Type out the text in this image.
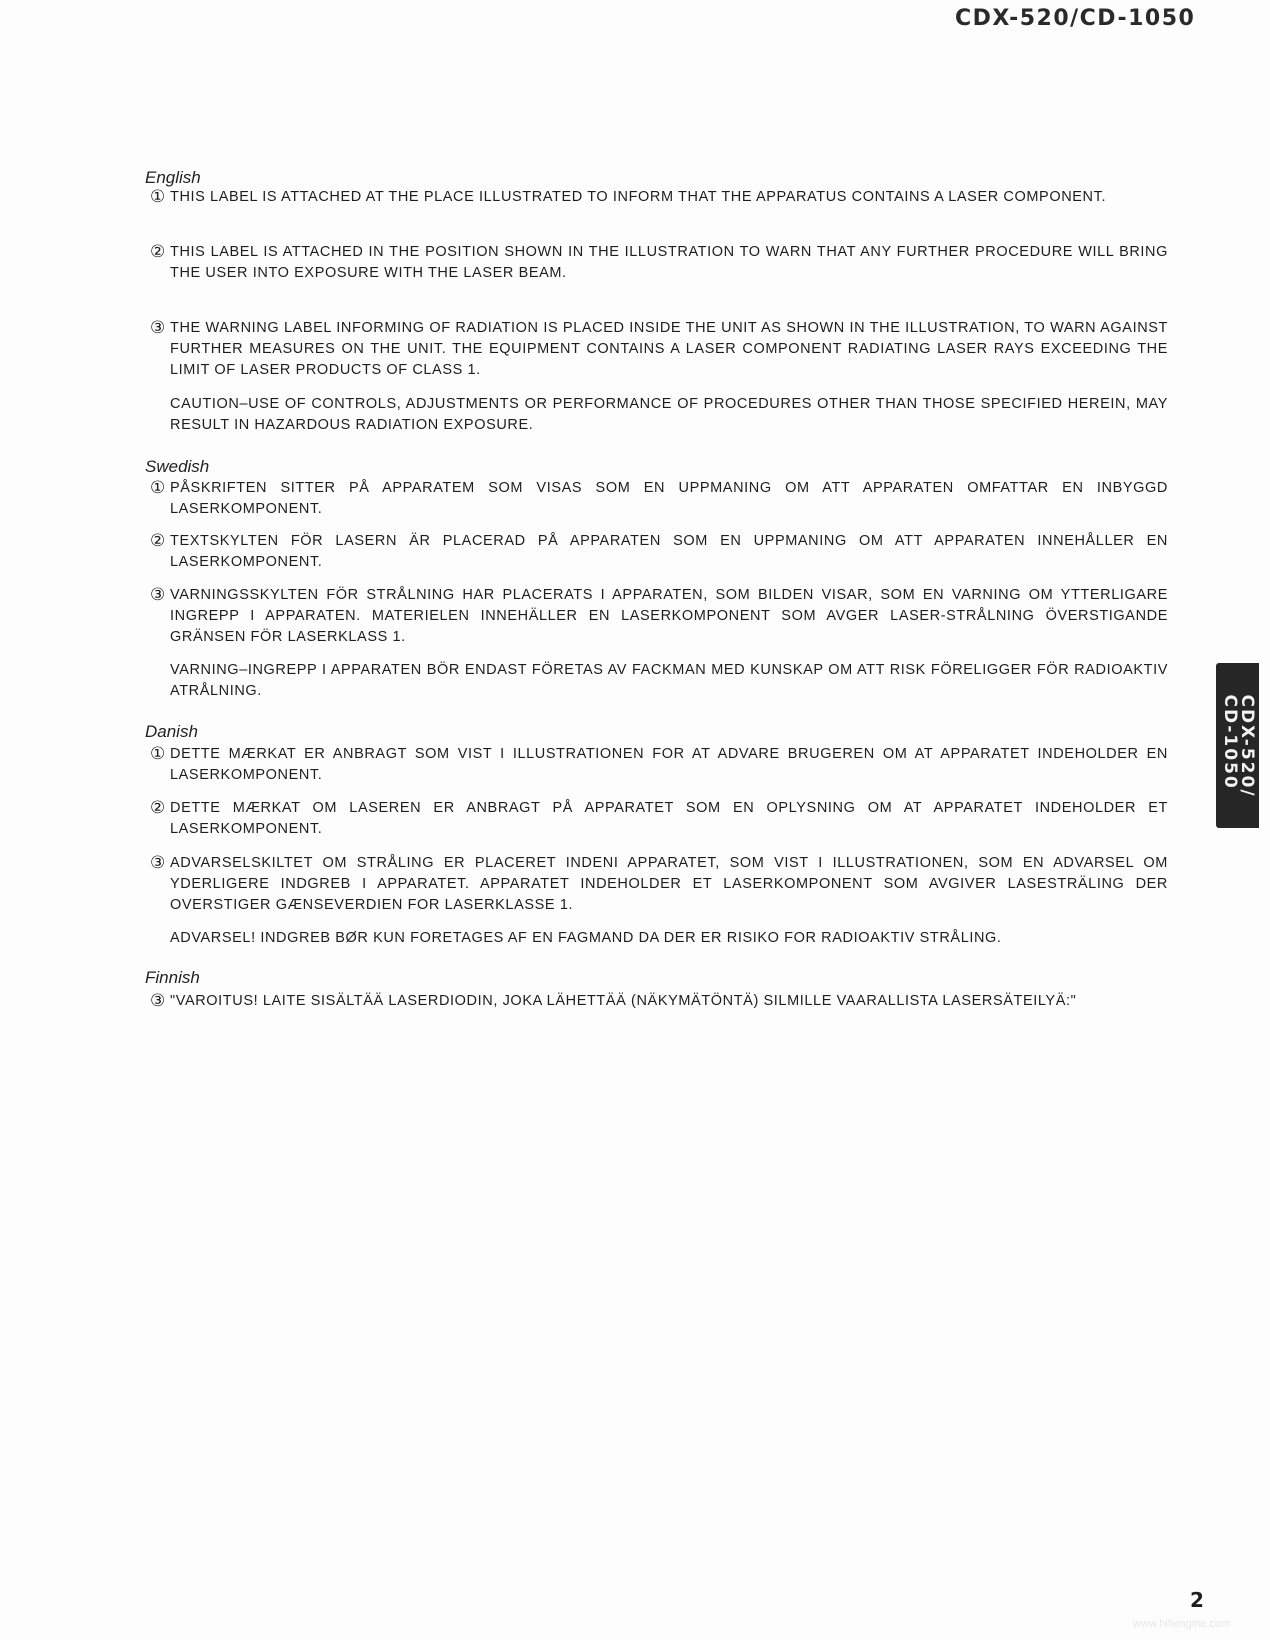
CDX-520/CD-1050
English
① THIS LABEL IS ATTACHED AT THE PLACE ILLUSTRATED TO INFORM THAT THE APPARATUS CONTAINS A LASER COMPONENT.
② THIS LABEL IS ATTACHED IN THE POSITION SHOWN IN THE ILLUSTRATION TO WARN THAT ANY FURTHER PROCEDURE WILL BRING THE USER INTO EXPOSURE WITH THE LASER BEAM.
③ THE WARNING LABEL INFORMING OF RADIATION IS PLACED INSIDE THE UNIT AS SHOWN IN THE ILLUSTRATION, TO WARN AGAINST FURTHER MEASURES ON THE UNIT. THE EQUIPMENT CONTAINS A LASER COMPONENT RADIATING LASER RAYS EXCEEDING THE LIMIT OF LASER PRODUCTS OF CLASS 1.
CAUTION–USE OF CONTROLS, ADJUSTMENTS OR PERFORMANCE OF PROCEDURES OTHER THAN THOSE SPECIFIED HEREIN, MAY RESULT IN HAZARDOUS RADIATION EXPOSURE.
Swedish
① PÅSKRIFTEN SITTER PÅ APPARATEM SOM VISAS SOM EN UPPMANING OM ATT APPARATEN OMFATTAR EN INBYGGD LASERKOMPONENT.
② TEXTSKYLTEN FÖR LASERN ÄR PLACERAD PÅ APPARATEN SOM EN UPPMANING OM ATT APPARATEN INNEHÅLLER EN LASERKOMPONENT.
③ VARNINGSSKYLTEN FÖR STRÅLNING HAR PLACERATS I APPARATEN, SOM BILDEN VISAR, SOM EN VARNING OM YTTERLIGARE INGREPP I APPARATEN. MATERIELEN INNEHÄLLER EN LASERKOMPONENT SOM AVGER LASER-STRÅLNING ÖVERSTIGANDE GRÄNSEN FÖR LASERKLASS 1.
VARNING–INGREPP I APPARATEN BÖR ENDAST FÖRETAS AV FACKMAN MED KUNSKAP OM ATT RISK FÖRELIGGER FÖR RADIOAKTIV ATRÅLNING.
Danish
① DETTE MÆRKAT ER ANBRAGT SOM VIST I ILLUSTRATIONEN FOR AT ADVARE BRUGEREN OM AT APPARATET INDEHOLDER EN LASERKOMPONENT.
② DETTE MÆRKAT OM LASEREN ER ANBRAGT PÅ APPARATET SOM EN OPLYSNING OM AT APPARATET INDEHOLDER ET LASERKOMPONENT.
③ ADVARSELSKILTET OM STRÅLING ER PLACERET INDENI APPARATET, SOM VIST I ILLUSTRATIONEN, SOM EN ADVARSEL OM YDERLIGERE INDGREB I APPARATET. APPARATET INDEHOLDER ET LASERKOMPONENT SOM AVGIVER LASESTRÄLING DER OVERSTIGER GÆNSEVERDIEN FOR LASERKLASSE 1.
ADVARSEL! INDGREB BØR KUN FORETAGES AF EN FAGMAND DA DER ER RISIKO FOR RADIOAKTIV STRÅLING.
Finnish
③ "VAROITUS! LAITE SISÄLTÄÄ LASERDIODIN, JOKA LÄHETTÄÄ (NÄKYMÄTÖNTÄ) SILMILLE VAARALLISTA LASERSÄTEILYÄ:"
CDX-520/
CD-1050
2
www.hifiengine.com
